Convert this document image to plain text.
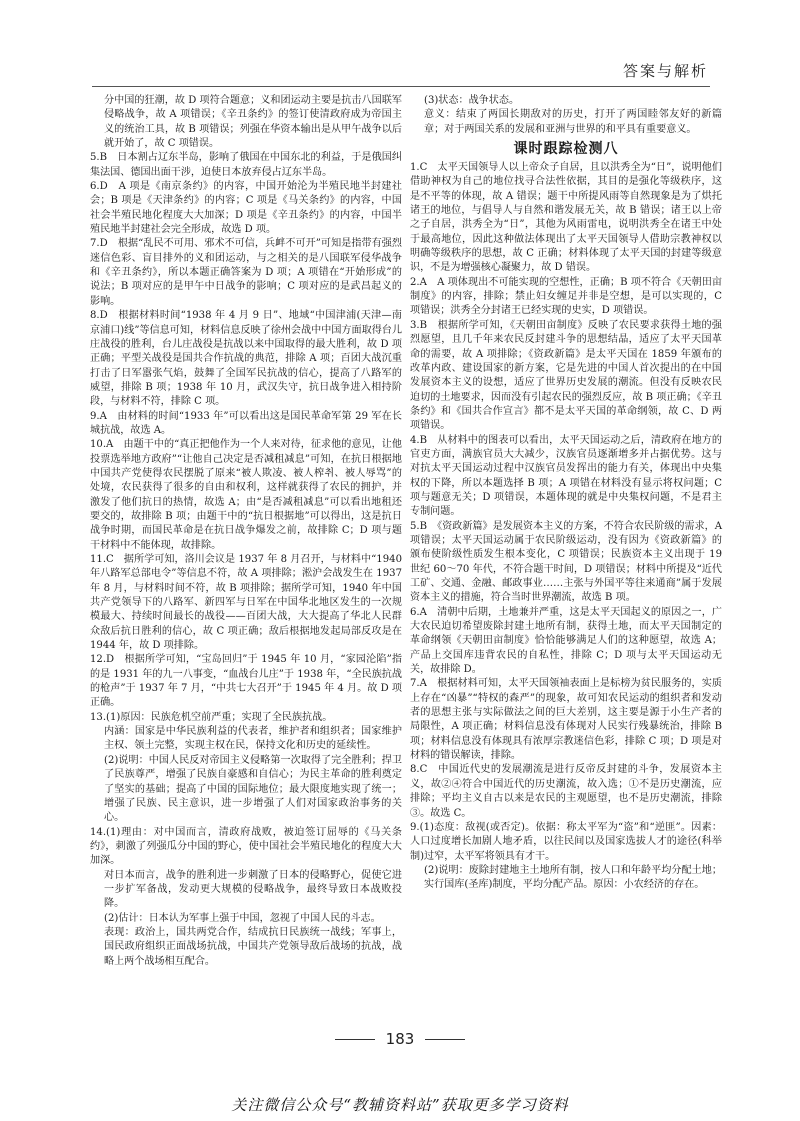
答案与解析

分中国的狂潮，故 D 项符合题意；义和团运动主要是抗击八国联军侵略战争，故 A 项错误；《辛丑条约》的签订使清政府成为帝国主义的统治工具，故 B 项错误；列强在华资本输出是从甲午战争以后就开始了，故 C 项错误。

5.B　日本割占辽东半岛，影响了俄国在中国东北的利益，于是俄国纠集法国、德国出面干涉，迫使日本放弃侵占辽东半岛。

6.D　A 项是《南京条约》的内容，中国开始沦为半殖民地半封建社会；B 项是《天津条约》的内容；C 项是《马关条约》的内容，中国社会半殖民地化程度大大加深；D 项是《辛丑条约》的内容，中国半殖民地半封建社会完全形成，故选 D 项。

7.D　根据“乱民不可用、邪术不可信，兵衅不可开”可知是指带有强烈迷信色彩、盲目排外的义和团运动，与之相关的是八国联军侵华战争和《辛丑条约》，所以本题正确答案为 D 项；A 项错在“开始形成”的说法；B 项对应的是甲午中日战争的影响；C 项对应的是武昌起义的影响。

8.D　根据材料时间“1938 年 4 月 9 日”、地域“中国津浦(天津—南京浦口)线”等信息可知，材料信息反映了徐州会战中中国方面取得台儿庄战役的胜利，台儿庄战役是抗战以来中国取得的最大胜利，故 D 项正确；平型关战役是国共合作抗战的典范，排除 A 项；百团大战沉重打击了日军嚣张气焰，鼓舞了全国军民抗战的信心，提高了八路军的威望，排除 B 项；1938 年 10 月，武汉失守，抗日战争进入相持阶段，与材料不符，排除 C 项。

9.A　由材料的时间“1933 年”可以看出这是国民革命军第 29 军在长城抗战，故选 A。

10.A　由题干中的“真正把他作为一个人来对待，征求他的意见，让他投票选举地方政府”“让他自己决定是否减租减息”可知，在抗日根据地中国共产党使得农民摆脱了原来“被人欺凌、被人榨취、被人辱骂”的处境，农民获得了很多的自由和权利，这样就获得了农民的拥护，并激发了他们抗日的热情，故选 A；由“是否减租减息”可以看出地租还要交的，故排除 B 项；由题干中的“抗日根据地”可以得出，这是抗日战争时期，而国民革命是在抗日战争爆发之前，故排除 C；D 项与题干材料中不能体现，故排除。

11.C　据所学可知，洛川会议是 1937 年 8 月召开，与材料中“1940 年八路军总部电令”等信息不符，故 A 项排除；淞沪会战发生在 1937 年 8 月，与材料时间不符，故 B 项排除；据所学可知，1940 年中国共产党领导下的八路军、新四军与日军在中国华北地区发生的一次规模最大、持续时间最长的战役——百团大战，大大提高了华北人民群众敌后抗日胜利的信心，故 C 项正确；敌后根据地发起局部反攻是在 1944 年，故 D 项排除。

12.D　根据所学可知，“宝岛回归”于 1945 年 10 月，“家园沦陷”指的是 1931 年的九一八事变，“血战台儿庄”于 1938 年，“全民族抗战的枪声”于 1937 年 7 月，“中共七大召开”于 1945 年 4 月。故 D 项正确。

13.(1)原因：民族危机空前严重；实现了全民族抗战。

内涵：国家是中华民族利益的代表者，维护者和组织者；国家维护主权、领土完整，实现主权在民，保持文化和历史的延续性。

(2)说明：中国人民反对帝国主义侵略第一次取得了完全胜利；捍卫了民族尊严，增强了民族自豪感和自信心；为民主革命的胜利奠定了坚实的基础；提高了中国的国际地位；最大限度地实现了统一；增强了民族、民主意识，进一步增强了人们对国家政治事务的关心。

14.(1)理由：对中国而言，清政府战败，被迫签订屈辱的《马关条约》，刺激了列强瓜分中国的野心，使中国社会半殖民地化的程度大大加深。

对日本而言，战争的胜利进一步刺激了日本的侵略野心，促使它进一步扩军备战，发动更大规模的侵略战争，最终导致日本战败投降。

(2)估计：日本认为军事上强于中国，忽视了中国人民的斗志。

表现：政治上，国共两党合作，结成抗日民族统一战线；军事上，国民政府组织正面战场抗战，中国共产党领导敌后战场的抗战，战略上两个战场相互配合。

(3)状态：战争状态。

意义：结束了两国长期敌对的历史，打开了两国睦邻友好的新篇章；对于两国关系的发展和亚洲与世界的和平具有重要意义。

课时跟踪检测八

1.C　太平天国领导人以上帝众子自居，且以洪秀全为“日”，说明他们借助神权为自己的地位找寻合法性依据，其目的是强化等级秩序，这是不平等的体现，故 A 错误；题干中所提风雨等自然现象是为了烘托诸王的地位，与倡导人与自然和谐发展无关，故 B 错误；诸王以上帝之子自居，洪秀全为“日”，其他为风雨雷电，说明洪秀全在诸王中处于最高地位，因此这种做法体现出了太平天国领导人借助宗教神权以明确等级秩序的思想，故 C 正确；材料体现了太平天国的封建等级意识，不是为增强核心凝聚力，故 D 错误。

2.A　A 项体现出不可能实现的空想性，正确；B 项不符合《天朝田亩制度》的内容，排除；禁止妇女缠足并非是空想，是可以实现的，C 项错误；洪秀全分封诸王已经实现的史实，D 项错误。

3.B　根据所学可知，《天朝田亩制度》反映了农民要求获得土地的强烈愿望，且几千年来农民反封建斗争的思想结晶，适应了太平天国革命的需要，故 A 项排除；《资政新篇》是太平天国在 1859 年颁布的改革内政、建设国家的新方案，它是先进的中国人首次提出的在中国发展资本主义的设想，适应了世界历史发展的潮流。但没有反映农民迫切的土地要求，因而没有引起农民的强烈反应，故 B 项正确；《辛丑条约》和《国共合作宣言》都不是太平天国的革命纲领，故 C、D 两项错误。

4.B　从材料中的图表可以看出，太平天国运动之后，清政府在地方的官吏方面，满族官员大大减少，汉族官员逐渐增多并占据优势。这与对抗太平天国运动过程中汉族官员发挥出的能力有关，体现出中央集权的下降，所以本题选择 B 项；A 项错在材料没有显示将权问题；C 项与题意无关；D 项错误，本题体现的就是中央集权问题，不是君主专制问题。

5.B　《资政新篇》是发展资本主义的方案，不符合农民阶级的需求，A 项错误；太平天国运动属于农民阶级运动，没有因为《资政新篇》的颁布使阶级性质发生根本变化，C 项错误；民族资本主义出现于 19 世纪 60～70 年代，不符合题干时间，D 项错误；材料中所提及“近代工矿、交通、金融、邮政事业……主张与外国平等往来通商”属于发展资本主义的措施，符合当时世界潮流，故选 B 项。

6.A　清朝中后期，土地兼并严重，这是太平天国起义的原因之一，广大农民迫切希望废除封建土地所有制，获得土地，而太平天国制定的革命纲领《天朝田亩制度》恰恰能够满足人们的这种愿望，故选 A；产品上交国库违背农民的自私性，排除 C；D 项与太平天国运动无关，故排除 D。

7.A　根据材料可知，太平天国领袖表面上是标榜为贫民服务的，实质上存在“凶暴”“特权的森严”的现象，故可知农民运动的组织者和发动者的思想主张与实际做法之间的巨大差别，这主要是源于小生产者的局限性，A 项正确；材料信息没有体现对人民实行残暴统治，排除 B 项；材料信息没有体现具有浓厚宗教迷信色彩，排除 C 项；D 项是对材料的错误解读，排除。

8.C　中国近代史的发展潮流是进行反帝反封建的斗争，发展资本主义，故②④符合中国近代的历史潮流，故入选；①不是历史潮流，应排除；平均主义自古以来是农民的主观愿望，也不是历史潮流，排除③。故选 C。

9.(1)态度：敌视(或否定)。依据：称太平军为“盗”和“逆匪”。因素：人口过度增长加剧人地矛盾，以往民间以及国家选拔人才的途径(科举制)过窄，太平军将领具有才干。

(2)说明：废除封建地主土地所有制，按人口和年龄平均分配土地；实行国库(圣库)制度，平均分配产品。原因：小农经济的存在。

183
关注微信公众号“教辅资料站”获取更多学习资料
